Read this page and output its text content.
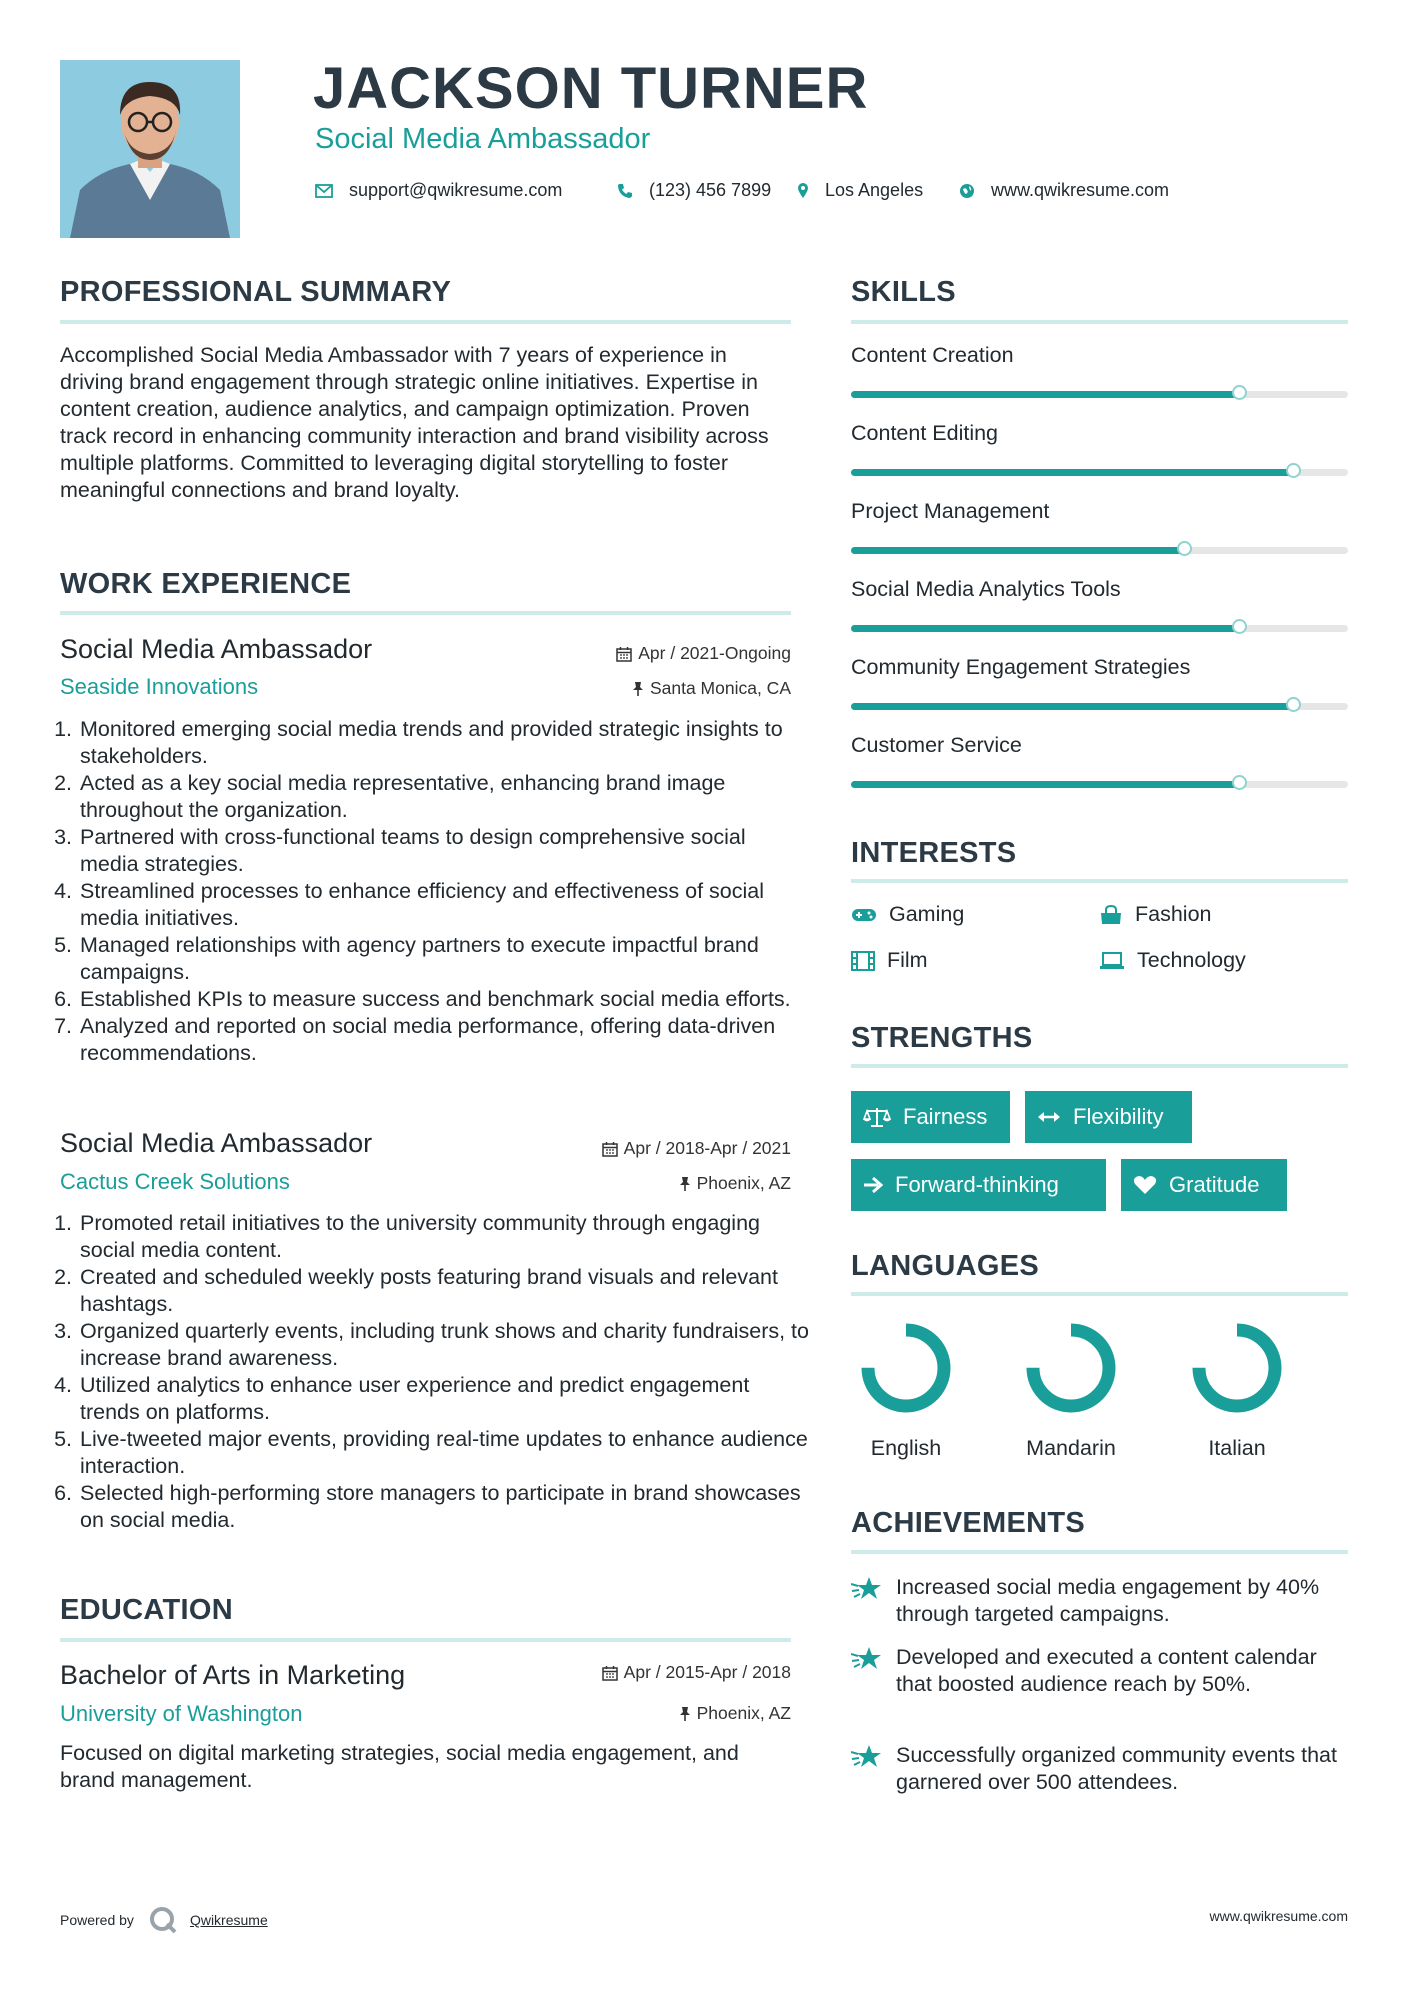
JACKSON TURNER
Social Media Ambassador
support@qwikresume.com	(123) 456 7899	Los Angeles	www.qwikresume.com
PROFESSIONAL SUMMARY
Accomplished Social Media Ambassador with 7 years of experience in driving brand engagement through strategic online initiatives. Expertise in content creation, audience analytics, and campaign optimization. Proven track record in enhancing community interaction and brand visibility across multiple platforms. Committed to leveraging digital storytelling to foster meaningful connections and brand loyalty.
WORK EXPERIENCE
Social Media Ambassador	Apr / 2021-Ongoing
Seaside Innovations	Santa Monica, CA
1. Monitored emerging social media trends and provided strategic insights to stakeholders.
2. Acted as a key social media representative, enhancing brand image throughout the organization.
3. Partnered with cross-functional teams to design comprehensive social media strategies.
4. Streamlined processes to enhance efficiency and effectiveness of social media initiatives.
5. Managed relationships with agency partners to execute impactful brand campaigns.
6. Established KPIs to measure success and benchmark social media efforts.
7. Analyzed and reported on social media performance, offering data-driven recommendations.
Social Media Ambassador	Apr / 2018-Apr / 2021
Cactus Creek Solutions	Phoenix, AZ
1. Promoted retail initiatives to the university community through engaging social media content.
2. Created and scheduled weekly posts featuring brand visuals and relevant hashtags.
3. Organized quarterly events, including trunk shows and charity fundraisers, to increase brand awareness.
4. Utilized analytics to enhance user experience and predict engagement trends on platforms.
5. Live-tweeted major events, providing real-time updates to enhance audience interaction.
6. Selected high-performing store managers to participate in brand showcases on social media.
EDUCATION
Bachelor of Arts in Marketing	Apr / 2015-Apr / 2018
University of Washington	Phoenix, AZ
Focused on digital marketing strategies, social media engagement, and brand management.
SKILLS
Content Creation
Content Editing
Project Management
Social Media Analytics Tools
Community Engagement Strategies
Customer Service
INTERESTS
Gaming	Fashion
Film	Technology
STRENGTHS
Fairness	Flexibility
Forward-thinking	Gratitude
LANGUAGES
English	Mandarin	Italian
ACHIEVEMENTS
Increased social media engagement by 40% through targeted campaigns.
Developed and executed a content calendar that boosted audience reach by 50%.
Successfully organized community events that garnered over 500 attendees.
Powered by	Qwikresume	www.qwikresume.com
